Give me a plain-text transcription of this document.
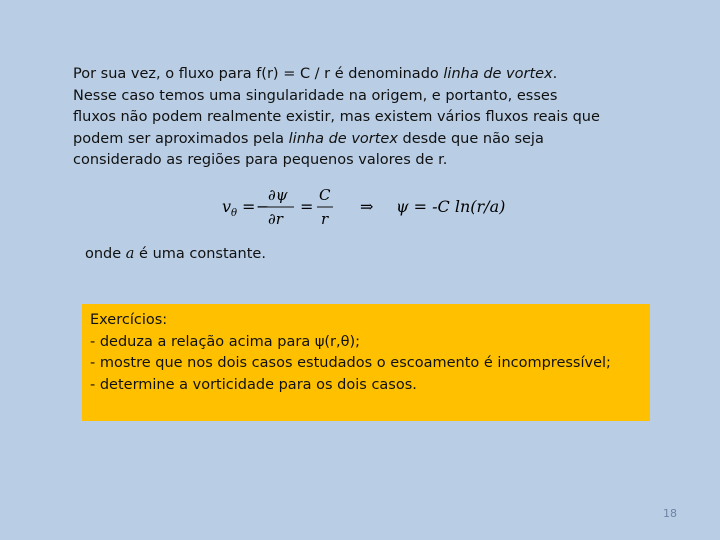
Por sua vez, o fluxo para f(r) = C / r é denominado linha de vortex.
Nesse caso temos uma singularidade na origem, e portanto, esses
fluxos não podem realmente existir, mas existem vários fluxos reais que
podem ser aproximados pela linha de vortex desde que não seja
considerado as regiões para pequenos valores de r.
v θ = −
∂ψ
∂r
=
C
r
⇒ ψ = -C ln(r/a)
onde a é uma constante.
Exercícios:
- deduza a relação acima para ψ(r,θ);
- mostre que nos dois casos estudados o escoamento é incompressível;
- determine a vorticidade para os dois casos.
18
